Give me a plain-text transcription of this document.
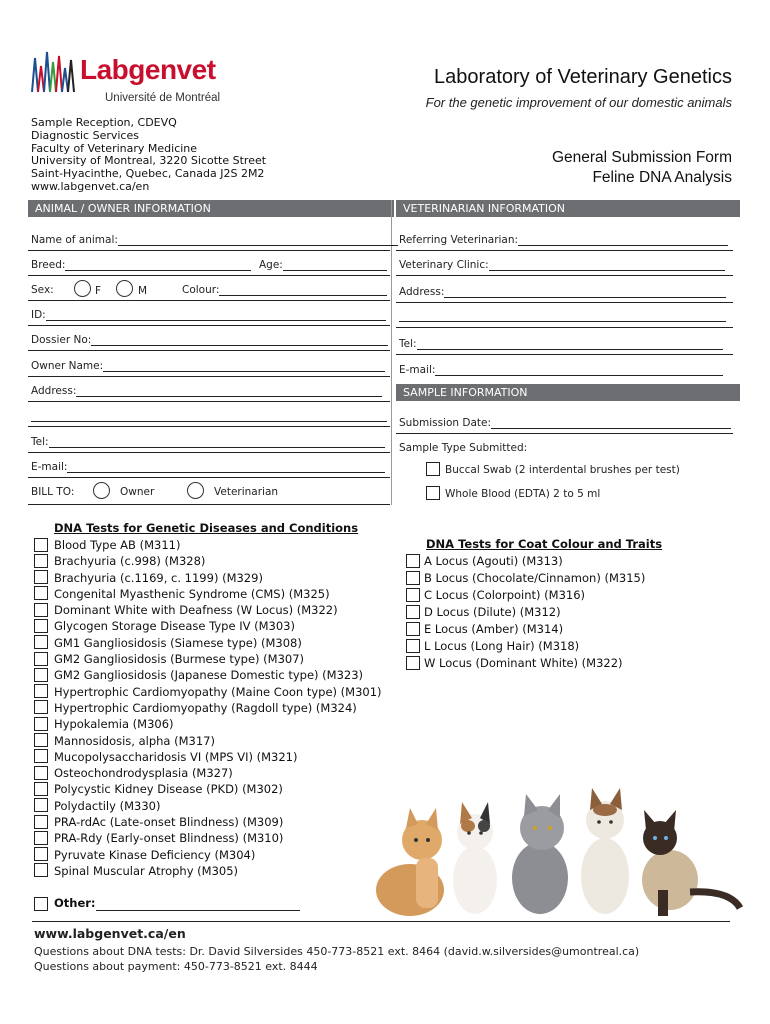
Labgenvet
Université de Montréal
Laboratory of Veterinary Genetics
For the genetic improvement of our domestic animals
Sample Reception, CDEVQ
Diagnostic Services
Faculty of Veterinary Medicine
University of Montreal, 3220 Sicotte Street
Saint-Hyacinthe, Quebec, Canada J2S 2M2
www.labgenvet.ca/en
General Submission Form
Feline DNA Analysis
ANIMAL / OWNER INFORMATION	VETERINARIAN INFORMATION
SAMPLE INFORMATION
Name of animal:
Breed:	Age:
Sex:	F	M	Colour:
ID:
Dossier No:
Owner Name:
Address:
Tel:
E-mail:
BILL TO:	Owner	Veterinarian
Referring Veterinarian:
Veterinary Clinic:
Address:
Tel:
E-mail:
Submission Date:
Sample Type Submitted:
Buccal Swab (2 interdental brushes per test)
Whole Blood (EDTA) 2 to 5 ml
DNA Tests for Genetic Diseases and Conditions
Blood Type AB (M311)
Brachyuria (c.998) (M328)
Brachyuria (c.1169, c. 1199) (M329)
Congenital Myasthenic Syndrome (CMS) (M325)
Dominant White with Deafness (W Locus) (M322)
Glycogen Storage Disease Type IV (M303)
GM1 Gangliosidosis (Siamese type) (M308)
GM2 Gangliosidosis (Burmese type) (M307)
GM2 Gangliosidosis (Japanese Domestic type) (M323)
Hypertrophic Cardiomyopathy (Maine Coon type) (M301)
Hypertrophic Cardiomyopathy (Ragdoll type) (M324)
Hypokalemia (M306)
Mannosidosis, alpha (M317)
Mucopolysaccharidosis VI (MPS VI) (M321)
Osteochondrodysplasia (M327)
Polycystic Kidney Disease (PKD) (M302)
Polydactily (M330)
PRA-rdAc (Late-onset Blindness) (M309)
PRA-Rdy (Early-onset Blindness) (M310)
Pyruvate Kinase Deficiency (M304)
Spinal Muscular Atrophy (M305)
Other:
DNA Tests for Coat Colour and Traits
A Locus (Agouti) (M313)
B Locus (Chocolate/Cinnamon) (M315)
C Locus (Colorpoint) (M316)
D Locus (Dilute) (M312)
E Locus (Amber) (M314)
L Locus (Long Hair) (M318)
W Locus (Dominant White) (M322)
www.labgenvet.ca/en
Questions about DNA tests: Dr. David Silversides 450-773-8521 ext. 8464 (david.w.silversides@umontreal.ca)
Questions about payment: 450-773-8521 ext. 8444
